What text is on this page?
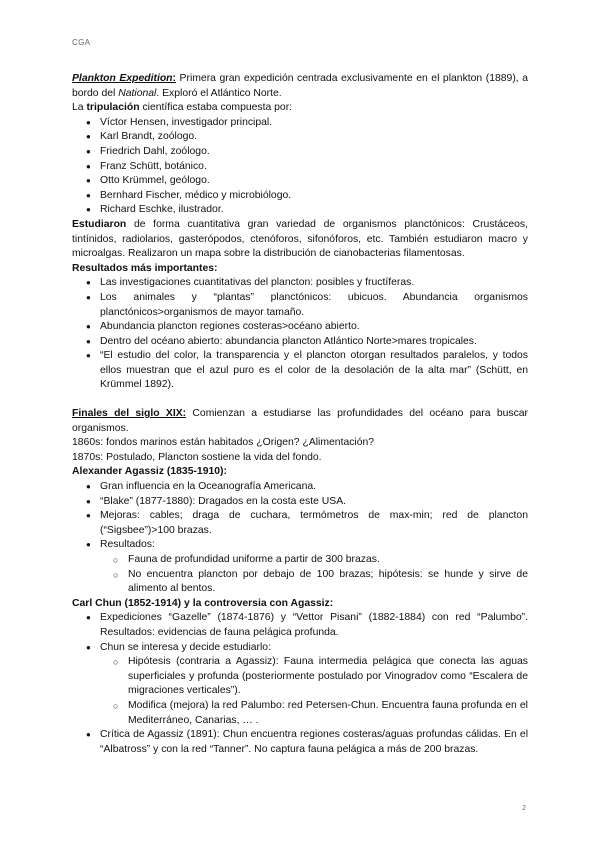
CGA

Plankton Expedition: Primera gran expedición centrada exclusivamente en el plankton (1889), a bordo del National. Exploró el Atlántico Norte.

La tripulación científica estaba compuesta por:

● Víctor Hensen, investigador principal.
● Karl Brandt, zoólogo.
● Friedrich Dahl, zoólogo.
● Franz Schütt, botánico.
● Otto Krümmel, geólogo.
● Bernhard Fischer, médico y microbiólogo.
● Richard Eschke, ilustrador.

Estudiaron de forma cuantitativa gran variedad de organismos planctónicos: Crustáceos, tintínidos, radiolarios, gasterópodos, ctenóforos, sifonóforos, etc. También estudiaron macro y microalgas. Realizaron un mapa sobre la distribución de cianobacterias filamentosas.

Resultados más importantes:

● Las investigaciones cuantitativas del plancton: posibles y fructíferas.
● Los animales y “plantas” planctónicos: ubicuos. Abundancia organismos planctónicos>organismos de mayor tamaño.
● Abundancia plancton regiones costeras>océano abierto.
● Dentro del océano abierto: abundancia plancton Atlántico Norte>mares tropicales.
● “El estudio del color, la transparencia y el plancton otorgan resultados paralelos, y todos ellos muestran que el azul puro es el color de la desolación de la alta mar” (Schütt, en Krümmel 1892).

Finales del siglo XIX: Comienzan a estudiarse las profundidades del océano para buscar organismos.

1860s: fondos marinos están habitados ¿Origen? ¿Alimentación?

1870s: Postulado, Plancton sostiene la vida del fondo.

Alexander Agassiz (1835-1910):

● Gran influencia en la Oceanografía Americana.
● “Blake” (1877-1880): Dragados en la costa este USA.
● Mejoras: cables; draga de cuchara, termómetros de max-min; red de plancton (“Sigsbee”)>100 brazas.
● Resultados:
○ Fauna de profundidad uniforme a partir de 300 brazas.
○ No encuentra plancton por debajo de 100 brazas; hipótesis: se hunde y sirve de alimento al bentos.

Carl Chun (1852-1914) y la controversia con Agassiz:

● Expediciones “Gazelle” (1874-1876) y “Vettor Pisani” (1882-1884) con red “Palumbo”. Resultados: evidencias de fauna pelágica profunda.
● Chun se interesa y decide estudiarlo:
○ Hipótesis (contraria a Agassiz): Fauna intermedia pelágica que conecta las aguas superficiales y profunda (posteriormente postulado por Vinogradov como “Escalera de migraciones verticales”).
○ Modifica (mejora) la red Palumbo: red Petersen-Chun. Encuentra fauna profunda en el Mediterráneo, Canarias, … .
● Crítica de Agassiz (1891): Chun encuentra regiones costeras/aguas profundas cálidas. En el “Albatross” y con la red “Tanner”. No captura fauna pelágica a más de 200 brazas.
2
